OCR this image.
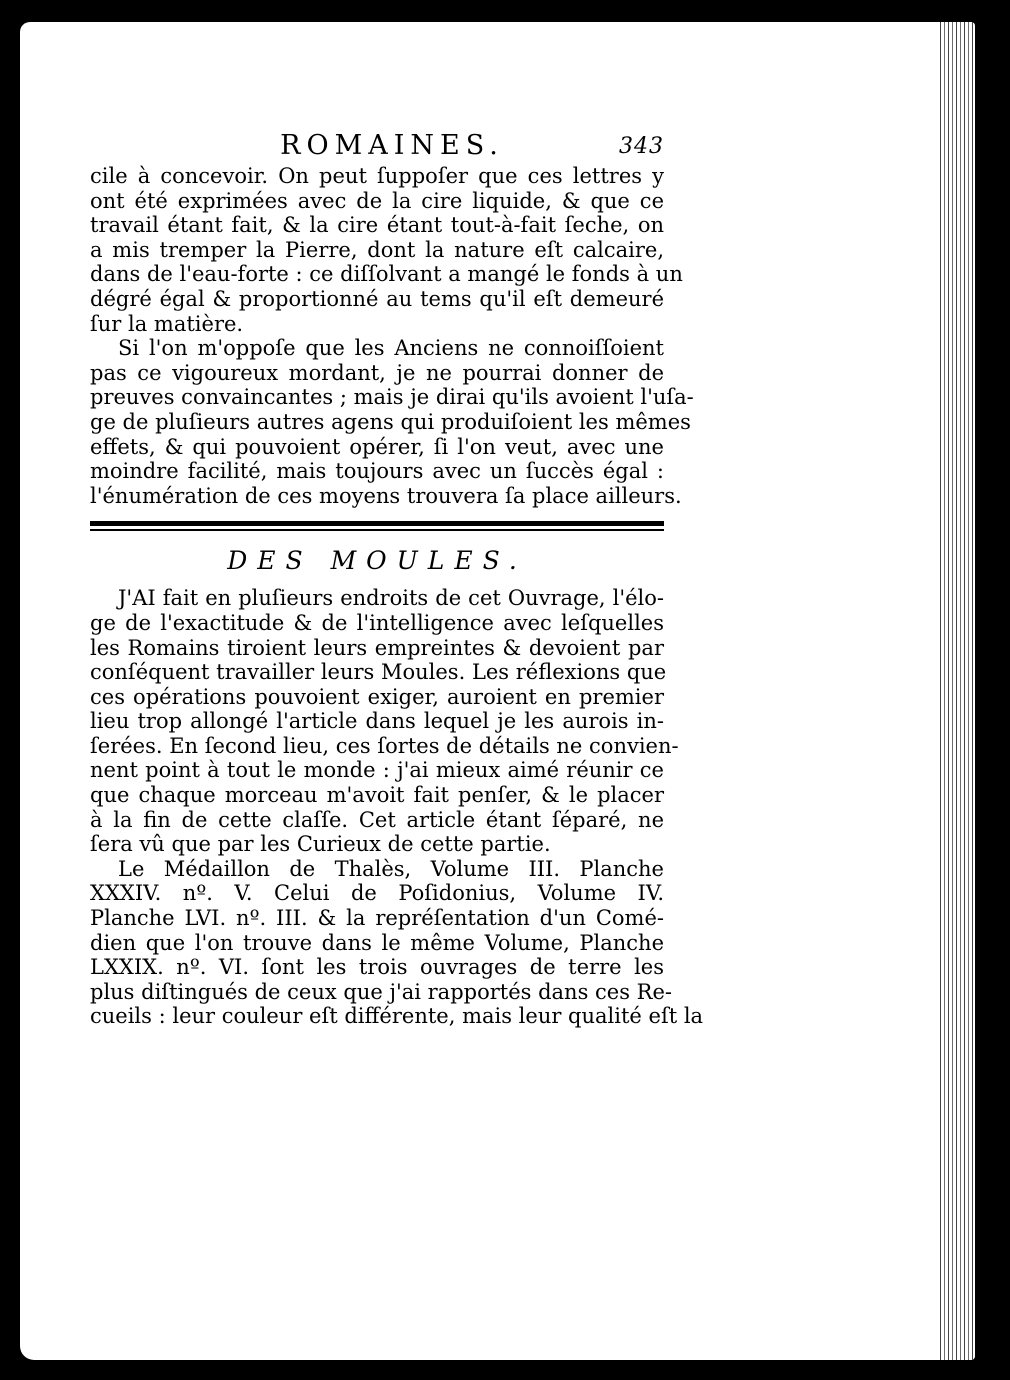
ROMAINES.	343

cile à concevoir. On peut ſuppoſer que ces lettres y
ont été exprimées avec de la cire liquide, & que ce
travail étant fait, & la cire étant tout-à-fait ſeche, on
a mis tremper la Pierre, dont la nature eſt calcaire,
dans de l'eau-forte : ce diſſolvant a mangé le fonds à un
dégré égal & proportionné au tems qu'il eſt demeuré
ſur la matière.

Si l'on m'oppoſe que les Anciens ne connoiſſoient
pas ce vigoureux mordant, je ne pourrai donner de
preuves convaincantes ; mais je dirai qu'ils avoient l'uſa-
ge de pluſieurs autres agens qui produiſoient les mêmes
effets, & qui pouvoient opérer, ſi l'on veut, avec une
moindre facilité, mais toujours avec un ſuccès égal :
l'énumération de ces moyens trouvera ſa place ailleurs.

DES MOULES.

J'AI fait en pluſieurs endroits de cet Ouvrage, l'élo-
ge de l'exactitude & de l'intelligence avec leſquelles
les Romains tiroient leurs empreintes & devoient par
conſéquent travailler leurs Moules. Les réflexions que
ces opérations pouvoient exiger, auroient en premier
lieu trop allongé l'article dans lequel je les aurois in-
ſerées. En ſecond lieu, ces ſortes de détails ne convien-
nent point à tout le monde : j'ai mieux aimé réunir ce
que chaque morceau m'avoit fait penſer, & le placer
à la fin de cette claſſe. Cet article étant ſéparé, ne
ſera vû que par les Curieux de cette partie.

Le Médaillon de Thalès, Volume III. Planche
XXXIV. nº. V. Celui de Poſidonius, Volume IV.
Planche LVI. nº. III. & la repréſentation d'un Comé-
dien que l'on trouve dans le même Volume, Planche
LXXIX. nº. VI. ſont les trois ouvrages de terre les
plus diſtingués de ceux que j'ai rapportés dans ces Re-
cueils : leur couleur eſt différente, mais leur qualité eſt la
